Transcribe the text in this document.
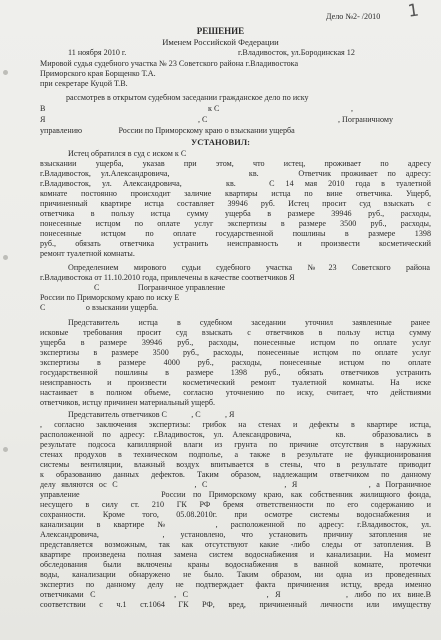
1
Дело №2- /2010
РЕШЕНИЕ
Именем Российской Федерации
11 ноября 2010 г.	г.Владивосток, ул.Бородинская 12
Мировой судья судебного участка № 23 Советского района г.Владивостока
Приморского края Борщенко Т.А.
при секретаре Куцой Т.В.
рассмотрев в открытом судебном заседании гражданское дело по иску
В	к С	,
Я	, С	, Пограничному
управлению                  России по Приморскому краю о взыскании ущерба
УСТАНОВИЛ:
Истец обратился в суд с иском к С
взыскании ущерба, указав при этом, что истец, проживает по адресу
г.Владивосток, ул.Александровича,        кв.    Ответчик проживает по адресу:
г.Владивосток, ул. Александровича,    кв.   С 14 мая 2010 года в туалетной
комнате постоянно происходит заличие квартиры истца по вине ответчика. Ущерб,
причиненный квартире истца составляет 39946 руб. Истец просит суд взыскать с
ответчика в пользу истца сумму ущерба в размере 39946 руб., расходы,
понесенные истцом по оплате услуг экспертизы в размере 3500 руб., расходы,
понесенные истцом по оплате государственной пошлины в размере 1398
руб., обязать ответчика устранить неисправность и произвести косметический
ремонт туалетной комнаты.
Определением мирового судьи судебного участка №23 Советского района
г.Владивостока от 11.10.2010 года, привлечены в качестве соответчиков Я
С                   Пограничное управление
России по Приморскому краю по иску Е
С                    о взыскании ущерба.
Представитель истца в судебном заседании уточнил заявленные ранее
исковые требования просит суд взыскать с ответчиков в пользу истца сумму
ущерба в размере 39946 руб., расходы, понесенные истцом по оплате услуг
экспертизы в размере 3500 руб., расходы, понесенные истцом по оплате услуг
экспертизы в размере 4000 руб., расходы, понесенные истцом по оплате
государственной пошлины в размере 1398 руб., обязать ответчиков устранить
неисправность и произвести косметический ремонт туалетной комнаты. На иске
настаивает в полном объеме, согласно уточнению по иску, считает, что действиями
ответчиков, истцу причинен материальный ущерб.
Представитель ответчиков С            , С            , Я
, согласно заключения экспертизы: грибок на стенах и дефекты в квартире истца,
расположенной по адресу: г.Владивосток, ул. Александровича,     кв.   образовались в
результате подсоса капиллярной влаги из грунта по причине отсутствия в наружных
стенах продухов в техническом подполье, а также в результате не функционирования
системы вентиляции, влажный воздух впитывается в стены, что в результате приводит
к образованию данных дефектов. Таким образом, надлежащим ответчиком по данному
делу являются ос С              , С              , Я             , а Пограничное
управление           России по Приморскому краю, как собственник жилищного фонда,
несущего в силу ст. 210 ГК РФ бремя ответственности по его содержанию и
сохранности. Кроме того, 05.08.2010г. при осмотре системы водоснабжения и
канализации в квартире №   , расположенной по адресу: г.Владивосток, ул.
Александровича,    , установлено, что установить причину затопления не
представляется возможным, так как отсутствуют какие -либо следы от затопления. В
квартире произведена полная замена систем водоснабжения и канализации. На момент
обследования были включены краны водоснабжения в ванной комнате, протечки
воды, канализации обнаружено не было. Таким образом, ни одна из проведенных
экспертиз по данному делу не подтверждает факта причинения истцу, вреда именно
ответчиками С            , С            , Я          , либо по их вине.В
соответствии с ч.1 ст.1064 ГК РФ, вред, причиненный личности или имуществу
